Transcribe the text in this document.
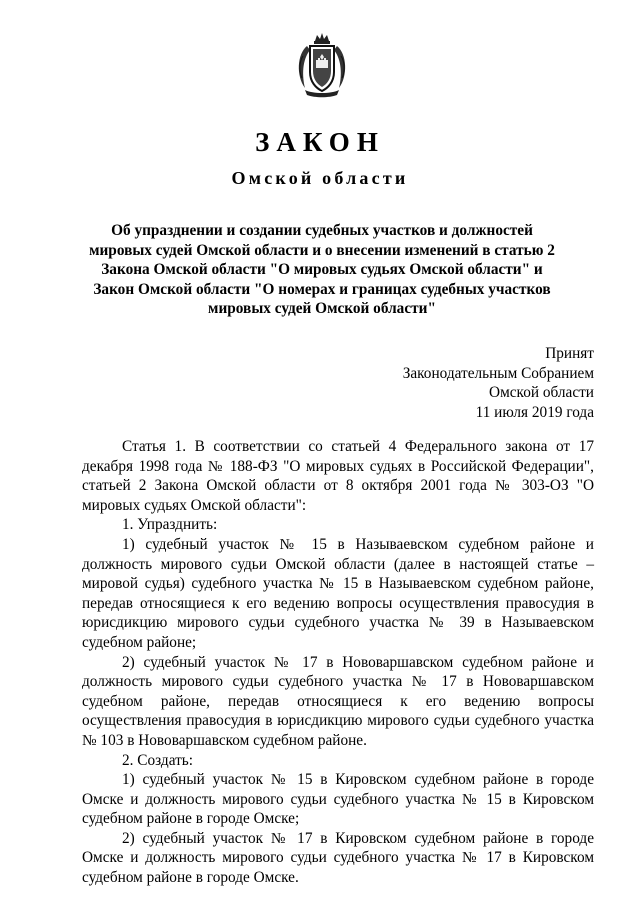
ЗАКОН
Омской области
Об упразднении и создании судебных участков и должностей мировых судей Омской области и о внесении изменений в статью 2 Закона Омской области "О мировых судьях Омской области" и Закон Омской области "О номерах и границах судебных участков мировых судей Омской области"
Принят
Законодательным Собранием
Омской области
11 июля 2019 года

Статья 1. В соответствии со статьей 4 Федерального закона от 17 декабря 1998 года № 188-ФЗ "О мировых судьях в Российской Федерации", статьей 2 Закона Омской области от 8 октября 2001 года № 303-ОЗ "О мировых судьях Омской области":

1. Упразднить:

1) судебный участок № 15 в Называевском судебном районе и должность мирового судьи Омской области (далее в настоящей статье – мировой судья) судебного участка № 15 в Называевском судебном районе, передав относящиеся к его ведению вопросы осуществления правосудия в юрисдикцию мирового судьи судебного участка № 39 в Называевском судебном районе;

2) судебный участок № 17 в Нововаршавском судебном районе и должность мирового судьи судебного участка № 17 в Нововаршавском судебном районе, передав относящиеся к его ведению вопросы осуществления правосудия в юрисдикцию мирового судьи судебного участка № 103 в Нововаршавском судебном районе.

2. Создать:

1) судебный участок № 15 в Кировском судебном районе в городе Омске и должность мирового судьи судебного участка № 15 в Кировском судебном районе в городе Омске;

2) судебный участок № 17 в Кировском судебном районе в городе Омске и должность мирового судьи судебного участка № 17 в Кировском судебном районе в городе Омске.
